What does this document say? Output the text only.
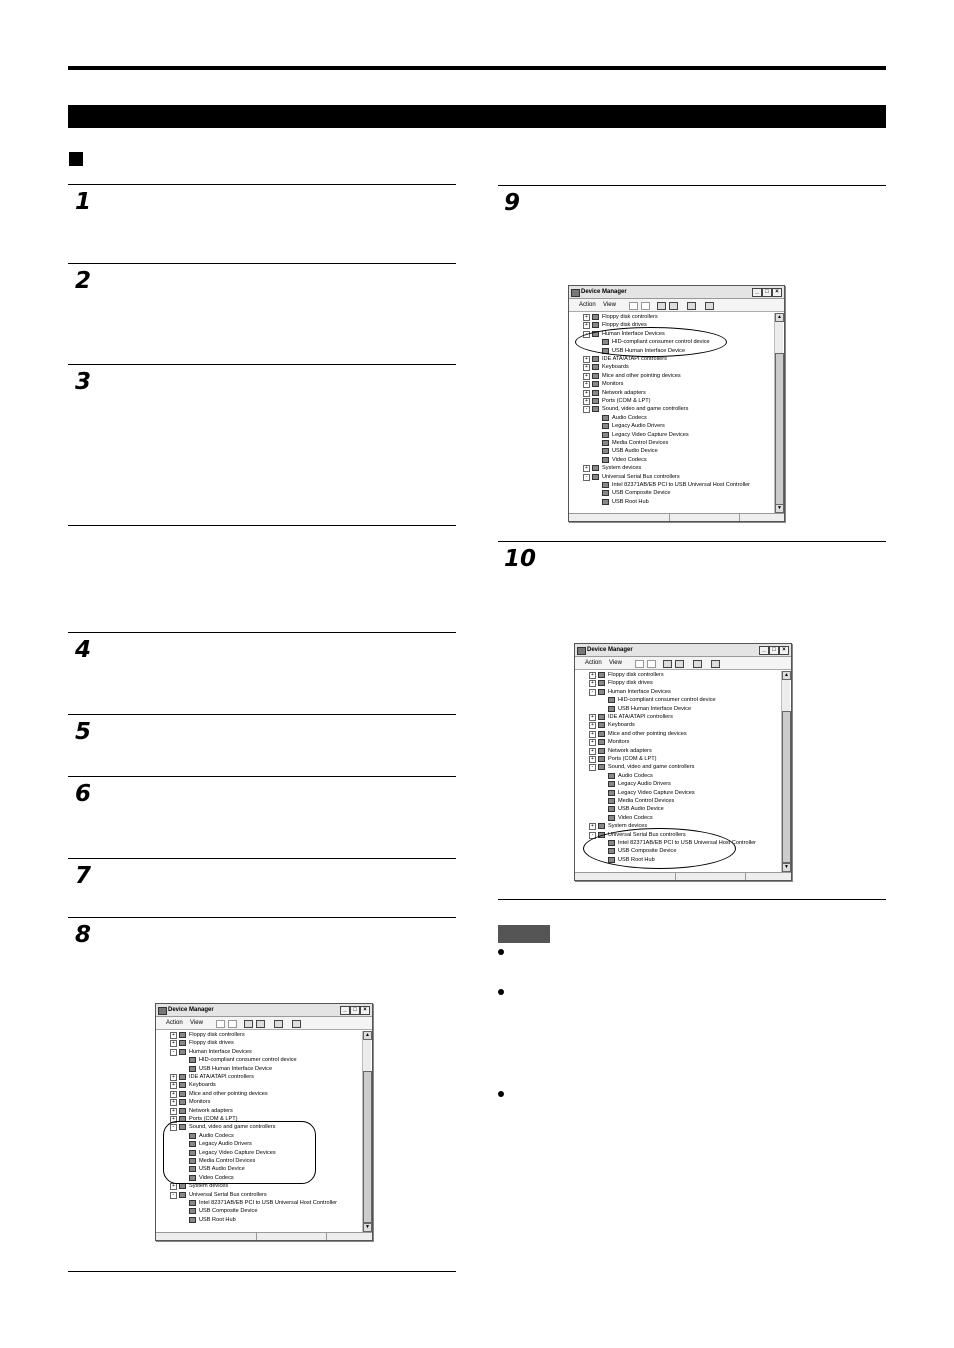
1
2
3
4
5
6
7
8
9
10
Device Manager	_	□	×
Action View
+	Floppy disk controllers
+	Floppy disk drives
-	Human Interface Devices
HID-compliant consumer control device
USB Human Interface Device
+	IDE ATA/ATAPI controllers
+	Keyboards
+	Mice and other pointing devices
+	Monitors
+	Network adapters
+	Ports (COM & LPT)
-	Sound, video and game controllers
Audio Codecs
Legacy Audio Drivers
Legacy Video Capture Devices
Media Control Devices
USB Audio Device
Video Codecs
+	System devices
-	Universal Serial Bus controllers
Intel 82371AB/EB PCI to USB Universal Host Controller
USB Composite Device
USB Root Hub
▲
▼
Device Manager	_	□	×
Action View
+	Floppy disk controllers
+	Floppy disk drives
-	Human Interface Devices
HID-compliant consumer control device
USB Human Interface Device
+	IDE ATA/ATAPI controllers
+	Keyboards
+	Mice and other pointing devices
+	Monitors
+	Network adapters
+	Ports (COM & LPT)
-	Sound, video and game controllers
Audio Codecs
Legacy Audio Drivers
Legacy Video Capture Devices
Media Control Devices
USB Audio Device
Video Codecs
+	System devices
-	Universal Serial Bus controllers
Intel 82371AB/EB PCI to USB Universal Host Controller
USB Composite Device
USB Root Hub
▲
▼
Device Manager	_	□	×
Action View
+	Floppy disk controllers
+	Floppy disk drives
-	Human Interface Devices
HID-compliant consumer control device
USB Human Interface Device
+	IDE ATA/ATAPI controllers
+	Keyboards
+	Mice and other pointing devices
+	Monitors
+	Network adapters
+	Ports (COM & LPT)
-	Sound, video and game controllers
Audio Codecs
Legacy Audio Drivers
Legacy Video Capture Devices
Media Control Devices
USB Audio Device
Video Codecs
+	System devices
-	Universal Serial Bus controllers
Intel 82371AB/EB PCI to USB Universal Host Controller
USB Composite Device
USB Root Hub
▲
▼
